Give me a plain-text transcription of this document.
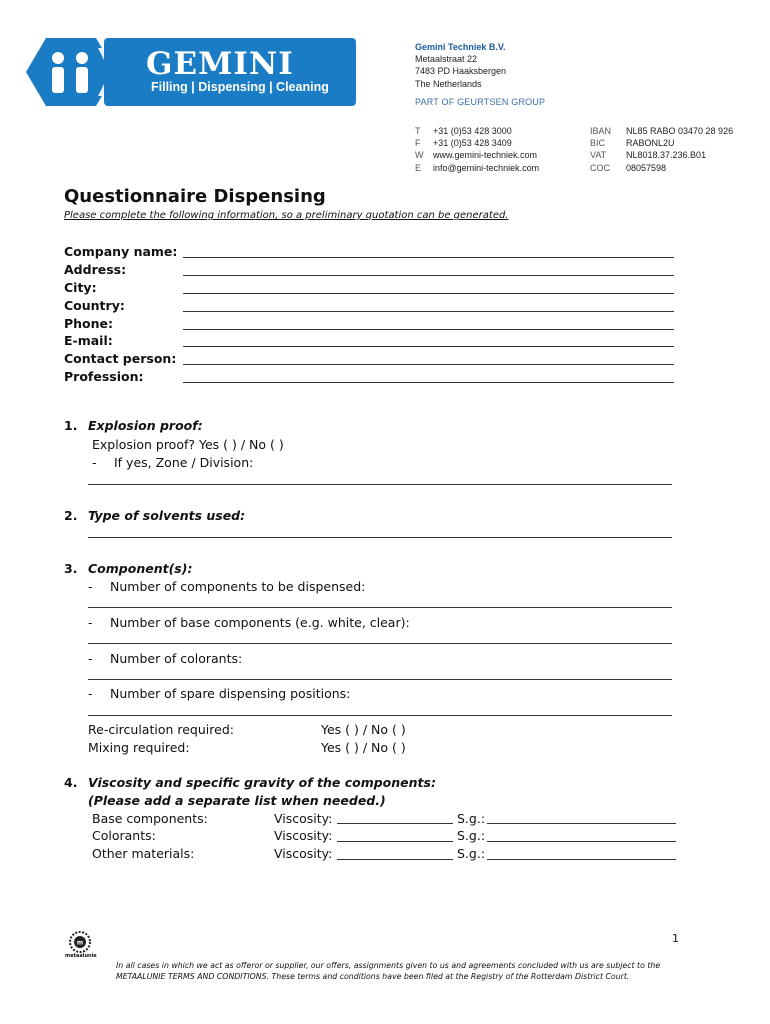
GEMINI
Filling | Dispensing | Cleaning
Gemini Techniek B.V.
Metaalstraat 22
7483 PD Haaksbergen
The Netherlands
PART OF GEURTSEN GROUP
T +31 (0)53 428 3000
F +31 (0)53 428 3409
W www.gemini-techniek.com
E info@gemini-techniek.com
IBAN NL85 RABO 03470 28 926
BIC RABONL2U
VAT NL8018.37.236.B01
COC 08057598
Questionnaire Dispensing
Please complete the following information, so a preliminary quotation can be generated.
Company name:
Address:
City:
Country:
Phone:
E-mail:
Contact person:
Profession:
1. Explosion proof:
Explosion proof? Yes ( ) / No ( )
- If yes, Zone / Division:
2. Type of solvents used:
3. Component(s):
- Number of components to be dispensed:
- Number of base components (e.g. white, clear):
- Number of colorants:
- Number of spare dispensing positions:
Re-circulation required:	Yes ( ) / No ( )
Mixing required:	Yes ( ) / No ( )
4. Viscosity and specific gravity of the components:
(Please add a separate list when needed.)
Base components:	Viscosity:	S.g.:
Colorants:	Viscosity:	S.g.:
Other materials:	Viscosity:	S.g.:
1
m
metaalunie
In all cases in which we act as offeror or supplier, our offers, assignments given to us and agreements concluded with us are subject to the
METAALUNIE TERMS AND CONDITIONS. These terms and conditions have been filed at the Registry of the Rotterdam District Court.
